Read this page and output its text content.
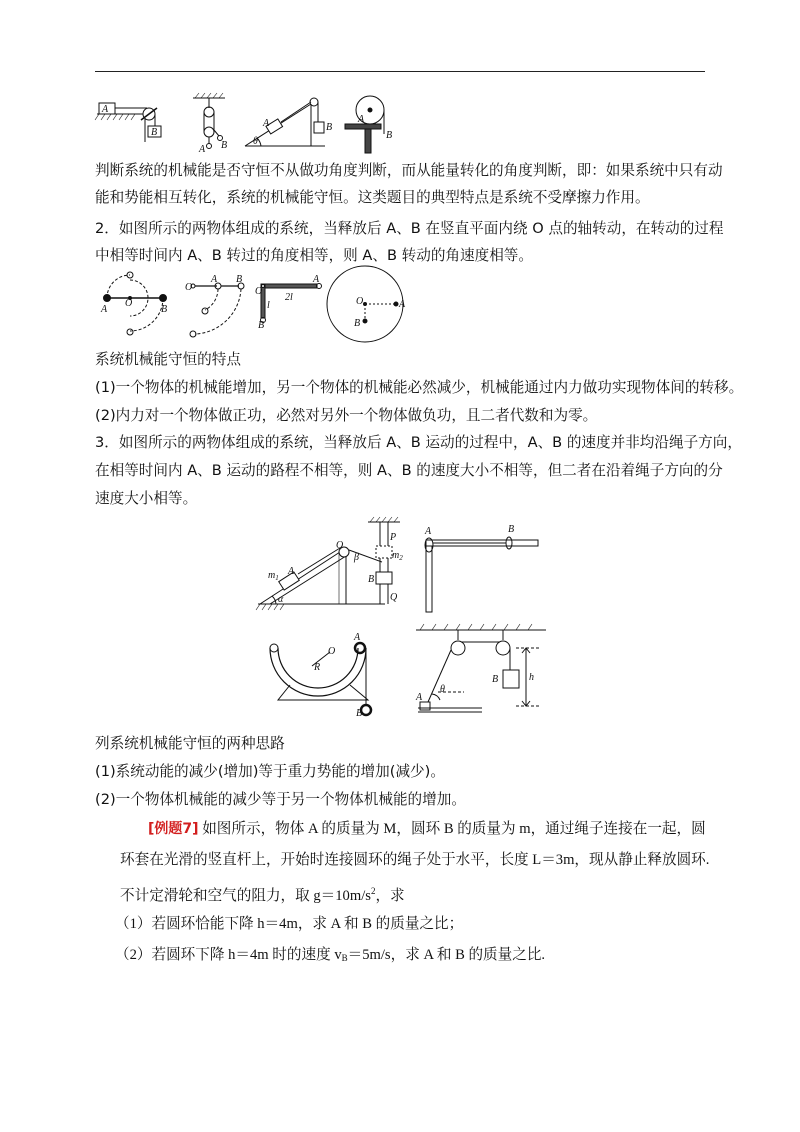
A
B
A B
A	B
θ
A
B

判断系统的机械能是否守恒不从做功角度判断，而从能量转化的角度判断，即：如果系统中只有动

能和势能相互转化，系统的机械能守恒。这类题目的典型特点是系统不受摩擦力作用。

2．如图所示的两物体组成的系统，当释放后 A、B 在竖直平面内绕 O 点的轴转动，在转动的过程

中相等时间内 A、B 转过的角度相等，则 A、B 转动的角速度相等。

A
O
B
O
A B
O
l
2l
A
B
O	A
B

系统机械能守恒的特点

(1)一个物体的机械能增加，另一个物体的机械能必然减少，机械能通过内力做功实现物体间的转移。

(2)内力对一个物体做正功，必然对另外一个物体做负功，且二者代数和为零。

3．如图所示的两物体组成的系统，当释放后 A、B 运动的过程中，A、B 的速度并非均沿绳子方向，

在相等时间内 A、B 运动的路程不相等，则 A、B 的速度大小不相等，但二者在沿着绳子方向的分

速度大小相等。

O
$m_1$
A
$m_2$
B
P
Q
α
β
A	B
A
O
R
B
A
B
θ
h

列系统机械能守恒的两种思路

(1)系统动能的减少(增加)等于重力势能的增加(减少)。

(2)一个物体机械能的减少等于另一个物体机械能的增加。

[例题7] 如图所示，物体 A 的质量为 M，圆环 B 的质量为 m，通过绳子连接在一起，圆

环套在光滑的竖直杆上，开始时连接圆环的绳子处于水平，长度 L＝3m，现从静止释放圆环.

不计定滑轮和空气的阻力，取 $g=10m/s^2$，求

（1）若圆环恰能下降 h＝4m，求 A 和 B 的质量之比；

（2）若圆环下降 h＝4m 时的速度 $v_B=5m/s$，求 A 和 B 的质量之比.
